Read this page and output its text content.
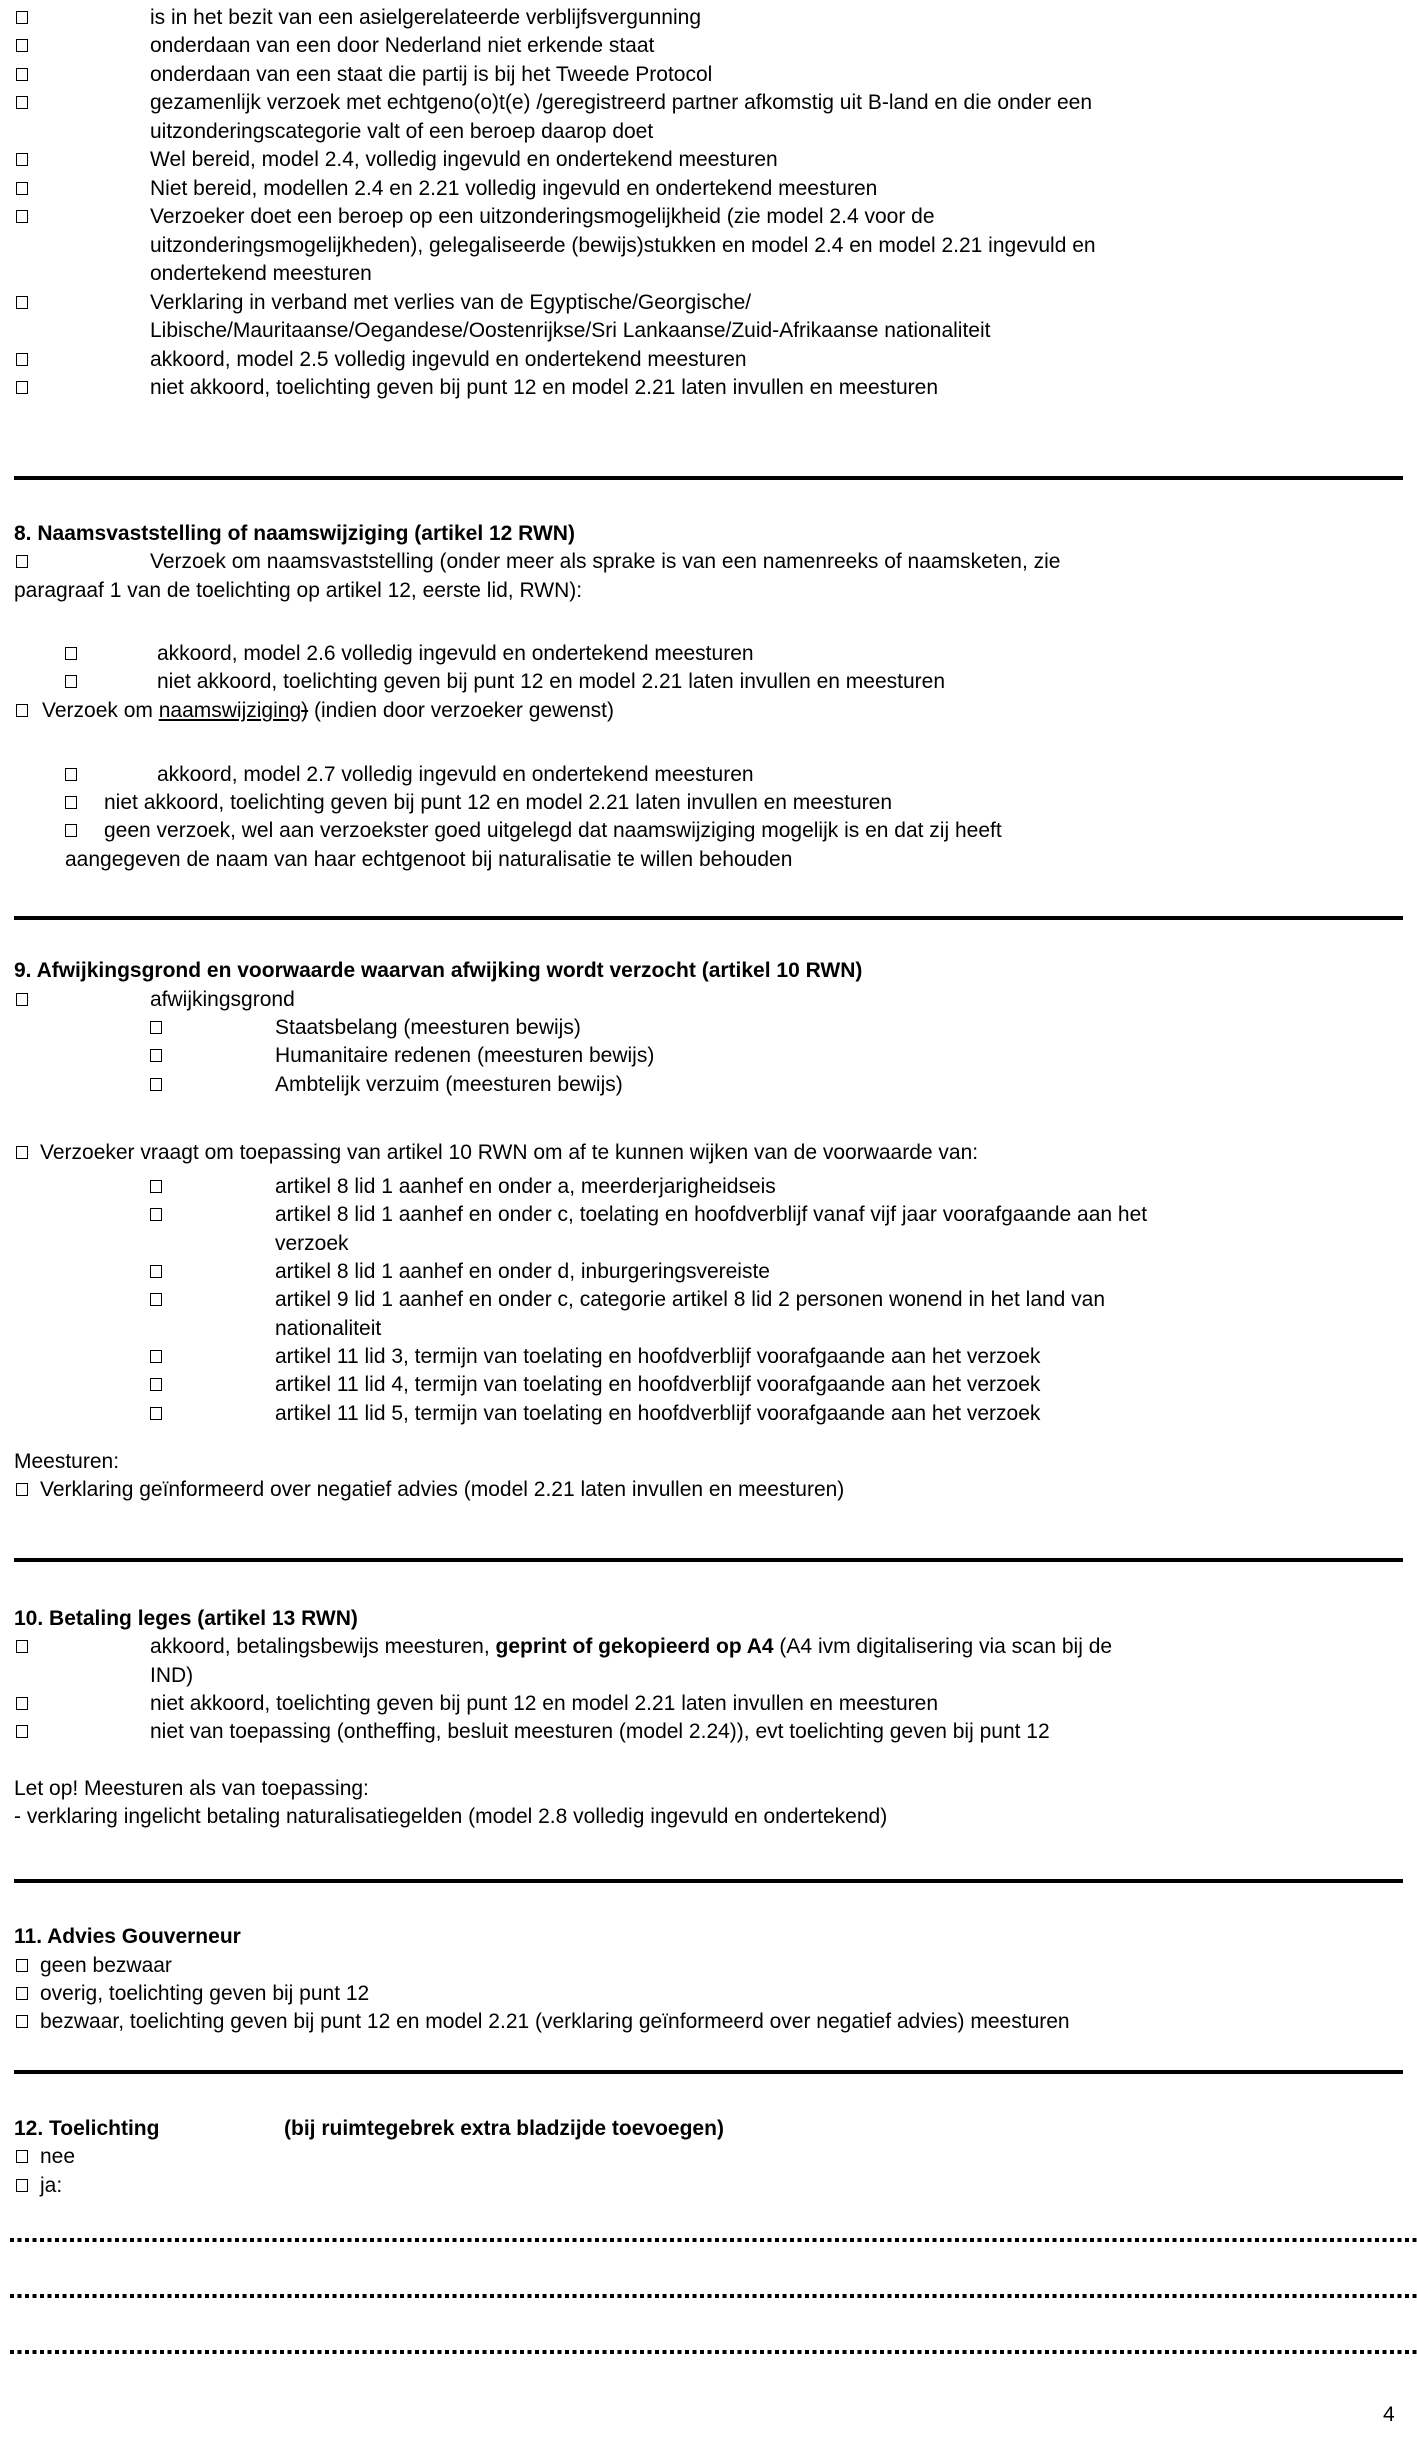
is in het bezit van een asielgerelateerde verblijfsvergunning
onderdaan van een door Nederland niet erkende staat
onderdaan van een staat die partij is bij het Tweede Protocol
gezamenlijk verzoek met echtgeno(o)t(e) /geregistreerd partner afkomstig uit B-land en die onder een
uitzonderingscategorie valt of een beroep daarop doet
Wel bereid, model 2.4, volledig ingevuld en ondertekend meesturen
Niet bereid, modellen 2.4 en 2.21 volledig ingevuld en ondertekend meesturen
Verzoeker doet een beroep op een uitzonderingsmogelijkheid (zie model 2.4 voor de
uitzonderingsmogelijkheden), gelegaliseerde (bewijs)stukken en model 2.4 en model 2.21 ingevuld en
ondertekend meesturen
Verklaring in verband met verlies van de Egyptische/Georgische/
Libische/Mauritaanse/Oegandese/Oostenrijkse/Sri Lankaanse/Zuid-Afrikaanse nationaliteit
akkoord, model 2.5 volledig ingevuld en ondertekend meesturen
niet akkoord, toelichting geven bij punt 12 en model 2.21 laten invullen en meesturen
8. Naamsvaststelling of naamswijziging (artikel 12 RWN)
Verzoek om naamsvaststelling (onder meer als sprake is van een namenreeks of naamsketen, zie
paragraaf 1 van de toelichting op artikel 12, eerste lid, RWN):
akkoord, model 2.6 volledig ingevuld en ondertekend meesturen
niet akkoord, toelichting geven bij punt 12 en model 2.21 laten invullen en meesturen
Verzoek om naamswijziging) (indien door verzoeker gewenst)
akkoord, model 2.7 volledig ingevuld en ondertekend meesturen
niet akkoord, toelichting geven bij punt 12 en model 2.21 laten invullen en meesturen
geen verzoek, wel aan verzoekster goed uitgelegd dat naamswijziging mogelijk is en dat zij heeft
aangegeven de naam van haar echtgenoot bij naturalisatie te willen behouden
9. Afwijkingsgrond en voorwaarde waarvan afwijking wordt verzocht (artikel 10 RWN)
afwijkingsgrond
Staatsbelang (meesturen bewijs)
Humanitaire redenen (meesturen bewijs)
Ambtelijk verzuim (meesturen bewijs)
Verzoeker vraagt om toepassing van artikel 10 RWN om af te kunnen wijken van de voorwaarde van:
artikel 8 lid 1 aanhef en onder a, meerderjarigheidseis
artikel 8 lid 1 aanhef en onder c, toelating en hoofdverblijf vanaf vijf jaar voorafgaande aan het
verzoek
artikel 8 lid 1 aanhef en onder d, inburgeringsvereiste
artikel 9 lid 1 aanhef en onder c, categorie artikel 8 lid 2 personen wonend in het land van
nationaliteit
artikel 11 lid 3, termijn van toelating en hoofdverblijf voorafgaande aan het verzoek
artikel 11 lid 4, termijn van toelating en hoofdverblijf voorafgaande aan het verzoek
artikel 11 lid 5, termijn van toelating en hoofdverblijf voorafgaande aan het verzoek
Meesturen:
Verklaring geïnformeerd over negatief advies (model 2.21 laten invullen en meesturen)
10. Betaling leges (artikel 13 RWN)
akkoord, betalingsbewijs meesturen, geprint of gekopieerd op A4 (A4 ivm digitalisering via scan bij de
IND)
niet akkoord, toelichting geven bij punt 12 en model 2.21 laten invullen en meesturen
niet van toepassing (ontheffing, besluit meesturen (model 2.24)), evt toelichting geven bij punt 12
Let op! Meesturen als van toepassing:
- verklaring ingelicht betaling naturalisatiegelden (model 2.8 volledig ingevuld en ondertekend)
11. Advies Gouverneur
geen bezwaar
overig, toelichting geven bij punt 12
bezwaar, toelichting geven bij punt 12 en model 2.21 (verklaring geïnformeerd over negatief advies) meesturen
12. Toelichting	(bij ruimtegebrek extra bladzijde toevoegen)
nee
ja:
4
